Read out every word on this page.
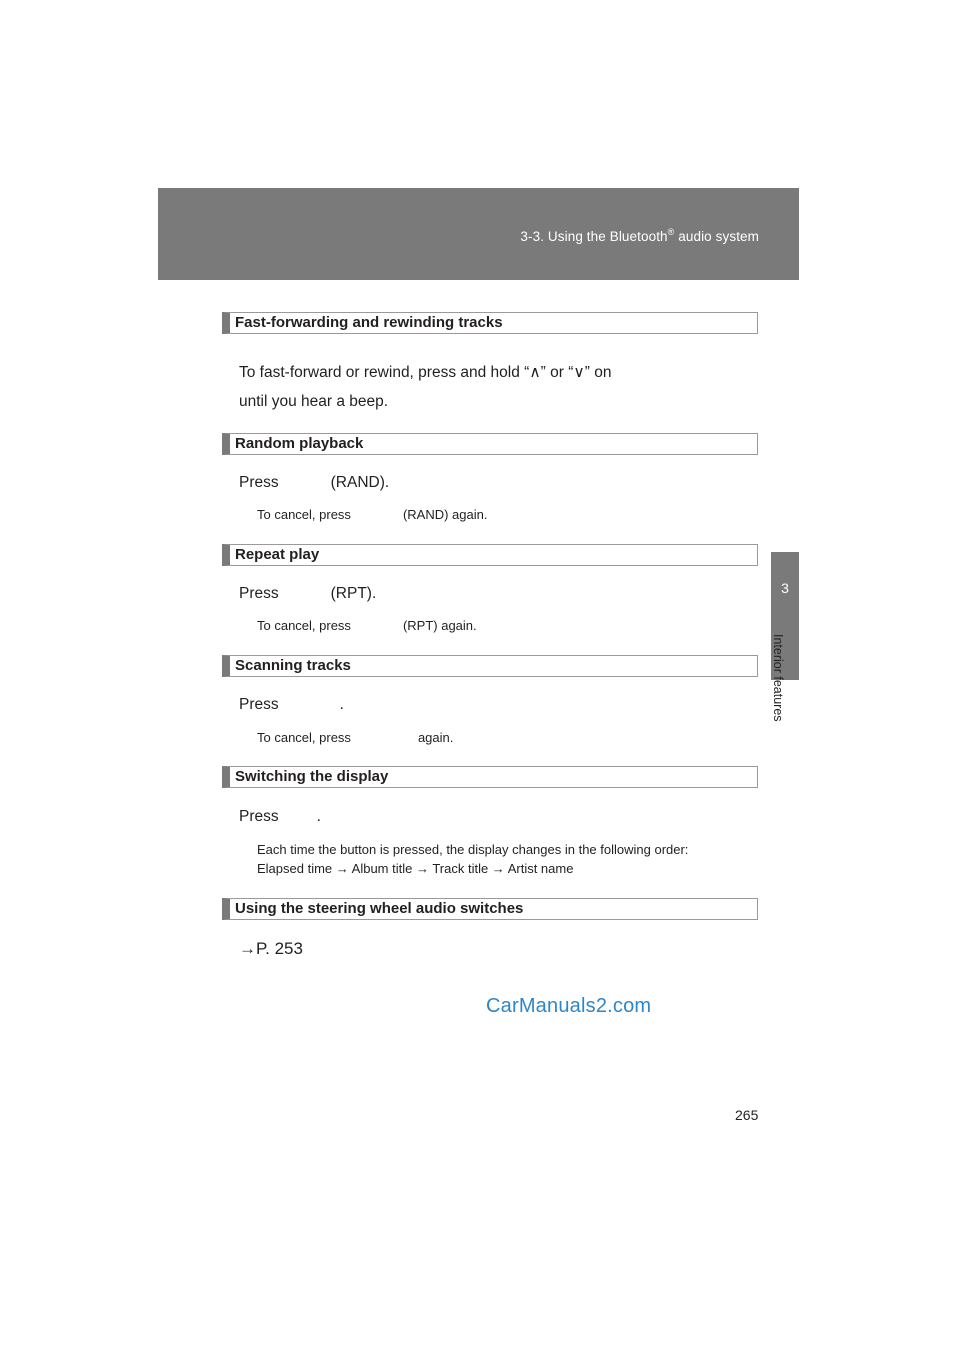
3-3. Using the Bluetooth® audio system
3
Interior features
Fast-forwarding and rewinding tracks
To fast-forward or rewind, press and hold “∧” or “∨” on
until you hear a beep.
Random playback
Press	(RAND).
To cancel, press	(RAND) again.
Repeat play
Press	(RPT).
To cancel, press	(RPT) again.
Scanning tracks
Press	.
To cancel, press	again.
Switching the display
Press .
Each time the button is pressed, the display changes in the following order:
Elapsed time → Album title → Track title → Artist name
Using the steering wheel audio switches
→P. 253
CarManuals2.com
265
